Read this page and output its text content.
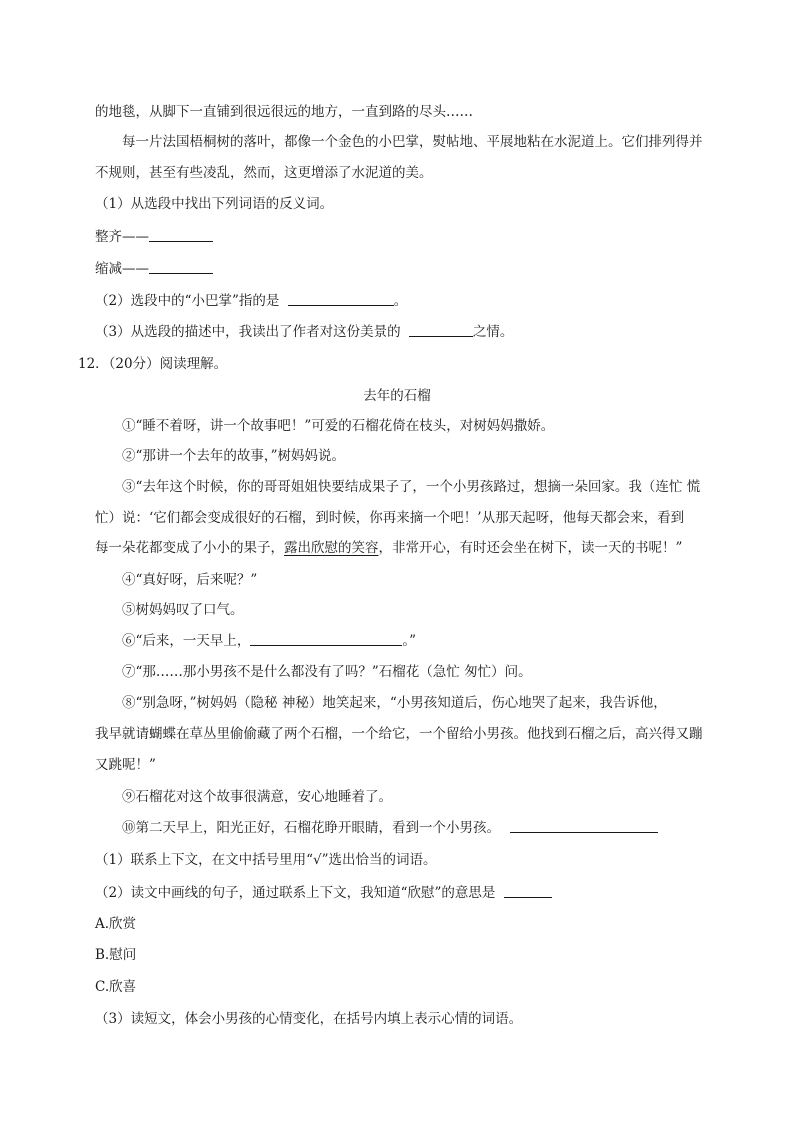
的地毯，从脚下一直铺到很远很远的地方，一直到路的尽头……
每一片法国梧桐树的落叶，都像一个金色的小巴掌，熨帖地、平展地粘在水泥道上。它们排列得并
不规则，甚至有些凌乱，然而，这更增添了水泥道的美。
（1）从选段中找出下列词语的反义词。
整齐——
缩减——
（2）选段中的“小巴掌”指的是	。
（3）从选段的描述中，我读出了作者对这份美景的	之情。
12．（20分）阅读理解。
去年的石榴
①“睡不着呀，讲一个故事吧！”可爱的石榴花倚在枝头，对树妈妈撒娇。
②“那讲一个去年的故事，”树妈妈说。
③“去年这个时候，你的哥哥姐姐快要结成果子了，一个小男孩路过，想摘一朵回家。我（连忙 慌
忙）说：‘它们都会变成很好的石榴，到时候，你再来摘一个吧！’从那天起呀，他每天都会来，看到
每一朵花都变成了小小的果子，露出欣慰的笑容，非常开心，有时还会坐在树下，读一天的书呢！”
④“真好呀，后来呢？”
⑤树妈妈叹了口气。
⑥“后来，一天早上，	。”
⑦“那……那小男孩不是什么都没有了吗？”石榴花（急忙 匆忙）问。
⑧“别急呀，”树妈妈（隐秘 神秘）地笑起来，“小男孩知道后，伤心地哭了起来，我告诉他，
我早就请蝴蝶在草丛里偷偷藏了两个石榴，一个给它，一个留给小男孩。他找到石榴之后，高兴得又蹦
又跳呢！”
⑨石榴花对这个故事很满意，安心地睡着了。
⑩第二天早上，阳光正好，石榴花睁开眼睛，看到一个小男孩。
（1）联系上下文，在文中括号里用“√”选出恰当的词语。
（2）读文中画线的句子，通过联系上下文，我知道“欣慰”的意思是
A.欣赏
B.慰问
C.欣喜
（3）读短文，体会小男孩的心情变化，在括号内填上表示心情的词语。
